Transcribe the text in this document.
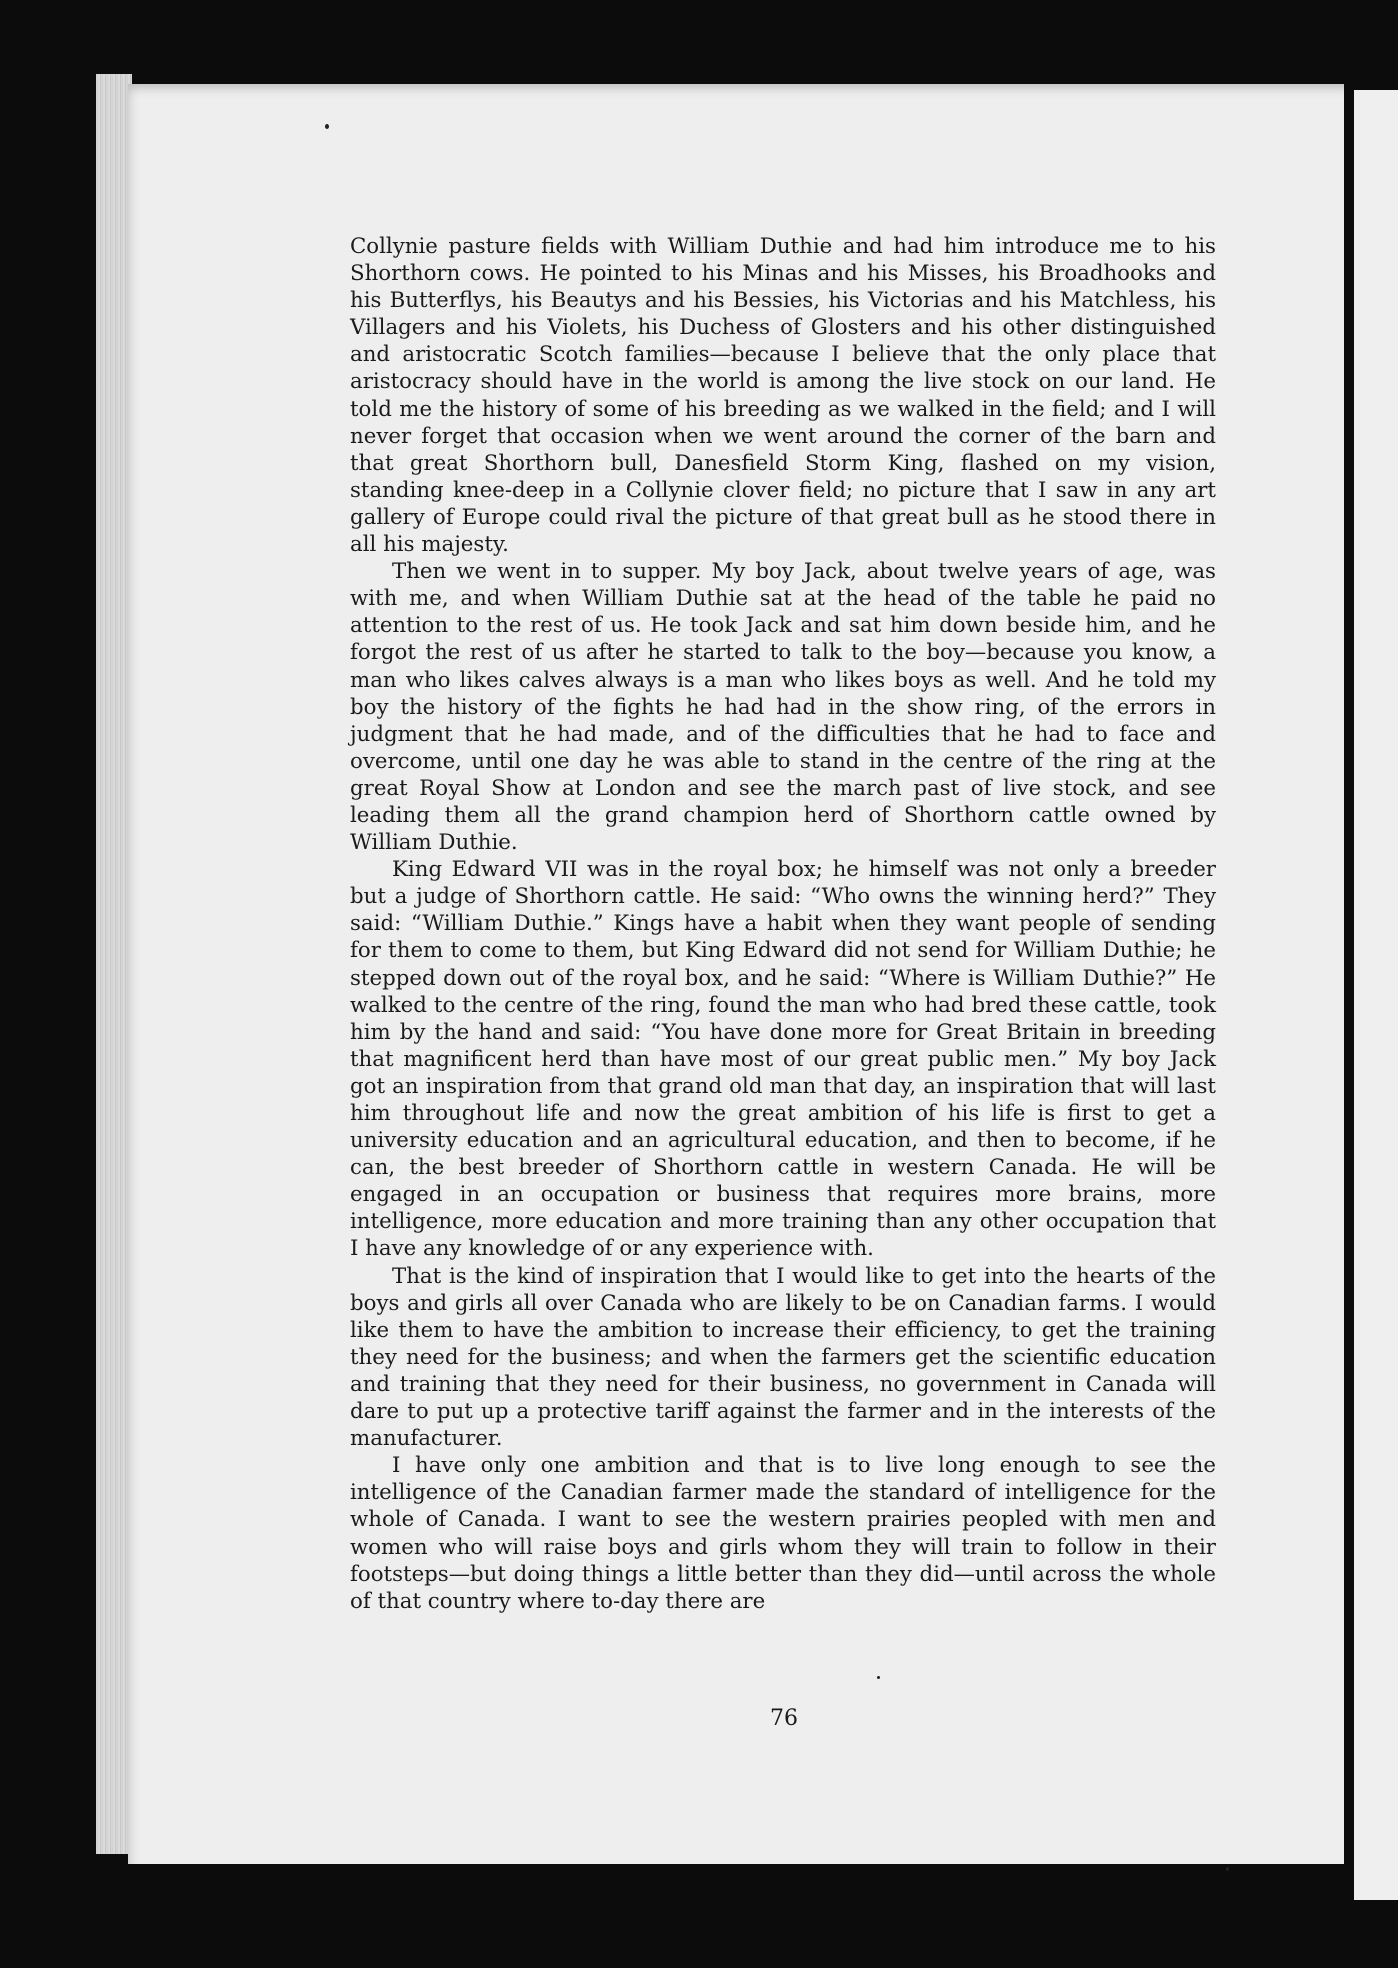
Collynie pasture fields with William Duthie and had him introduce me to his Shorthorn cows. He pointed to his Minas and his Misses, his Broadhooks and his Butterflys, his Beautys and his Bessies, his Victorias and his Matchless, his Villagers and his Violets, his Duchess of Glosters and his other distinguished and aristocratic Scotch families—because I believe that the only place that aristocracy should have in the world is among the live stock on our land. He told me the history of some of his breeding as we walked in the field; and I will never forget that occasion when we went around the corner of the barn and that great Shorthorn bull, Danesfield Storm King, flashed on my vision, standing knee-deep in a Collynie clover field; no picture that I saw in any art gallery of Europe could rival the picture of that great bull as he stood there in all his majesty.

Then we went in to supper. My boy Jack, about twelve years of age, was with me, and when William Duthie sat at the head of the table he paid no attention to the rest of us. He took Jack and sat him down beside him, and he forgot the rest of us after he started to talk to the boy—because you know, a man who likes calves always is a man who likes boys as well. And he told my boy the history of the fights he had had in the show ring, of the errors in judgment that he had made, and of the difficulties that he had to face and overcome, until one day he was able to stand in the centre of the ring at the great Royal Show at London and see the march past of live stock, and see leading them all the grand champion herd of Shorthorn cattle owned by William Duthie.

King Edward VII was in the royal box; he himself was not only a breeder but a judge of Shorthorn cattle. He said: “Who owns the winning herd?” They said: “William Duthie.” Kings have a habit when they want people of sending for them to come to them, but King Edward did not send for William Duthie; he stepped down out of the royal box, and he said: “Where is William Duthie?” He walked to the centre of the ring, found the man who had bred these cattle, took him by the hand and said: “You have done more for Great Britain in breeding that magnificent herd than have most of our great public men.” My boy Jack got an inspiration from that grand old man that day, an inspiration that will last him throughout life and now the great ambition of his life is first to get a university education and an agricultural education, and then to become, if he can, the best breeder of Shorthorn cattle in western Canada. He will be engaged in an occupation or business that requires more brains, more intelligence, more education and more training than any other occupation that I have any knowledge of or any experience with.

That is the kind of inspiration that I would like to get into the hearts of the boys and girls all over Canada who are likely to be on Canadian farms. I would like them to have the ambition to increase their efficiency, to get the training they need for the business; and when the farmers get the scientific education and training that they need for their business, no government in Canada will dare to put up a protective tariff against the farmer and in the interests of the manufacturer.

I have only one ambition and that is to live long enough to see the intelligence of the Canadian farmer made the standard of intelligence for the whole of Canada. I want to see the western prairies peopled with men and women who will raise boys and girls whom they will train to follow in their footsteps—but doing things a little better than they did—until across the whole of that country where to-day there are

76
